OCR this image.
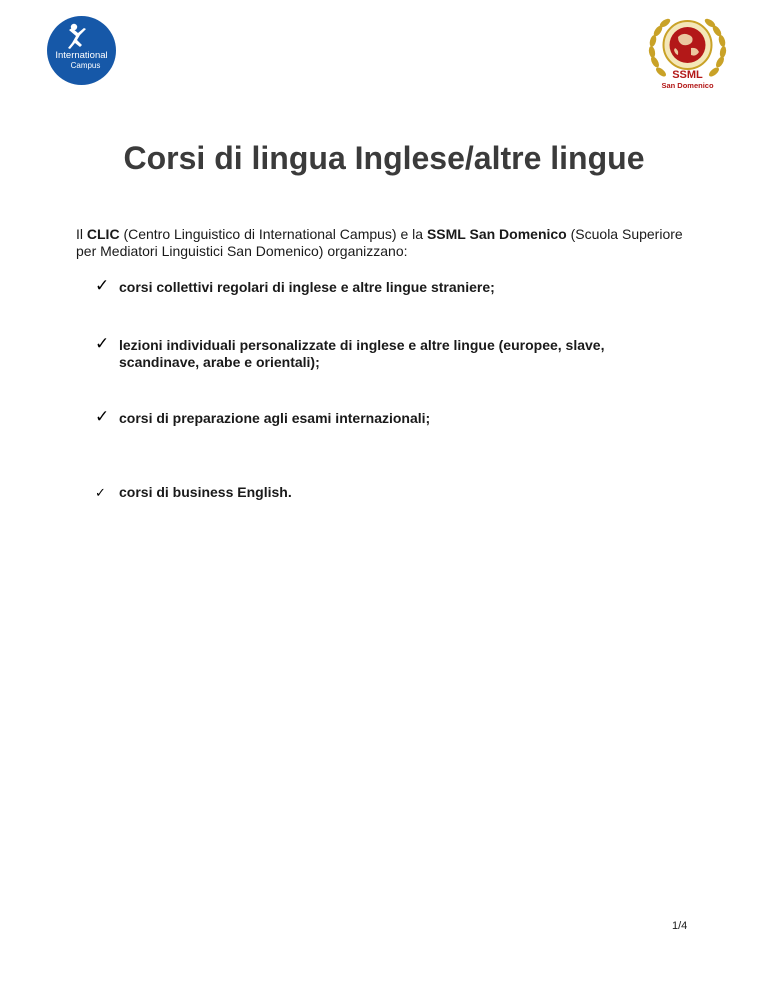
International
Campus
SSML
San Domenico
Corsi di lingua Inglese/altre lingue

Il CLIC (Centro Linguistico di International Campus) e la SSML San Domenico (Scuola Superiore per Mediatori Linguistici San Domenico) organizzano:

✓ corsi collettivi regolari di inglese e altre lingue straniere;
✓ lezioni individuali personalizzate di inglese e altre lingue (europee, slave, scandinave, arabe e orientali);
✓ corsi di preparazione agli esami internazionali;
✓ corsi di business English.
1/4
